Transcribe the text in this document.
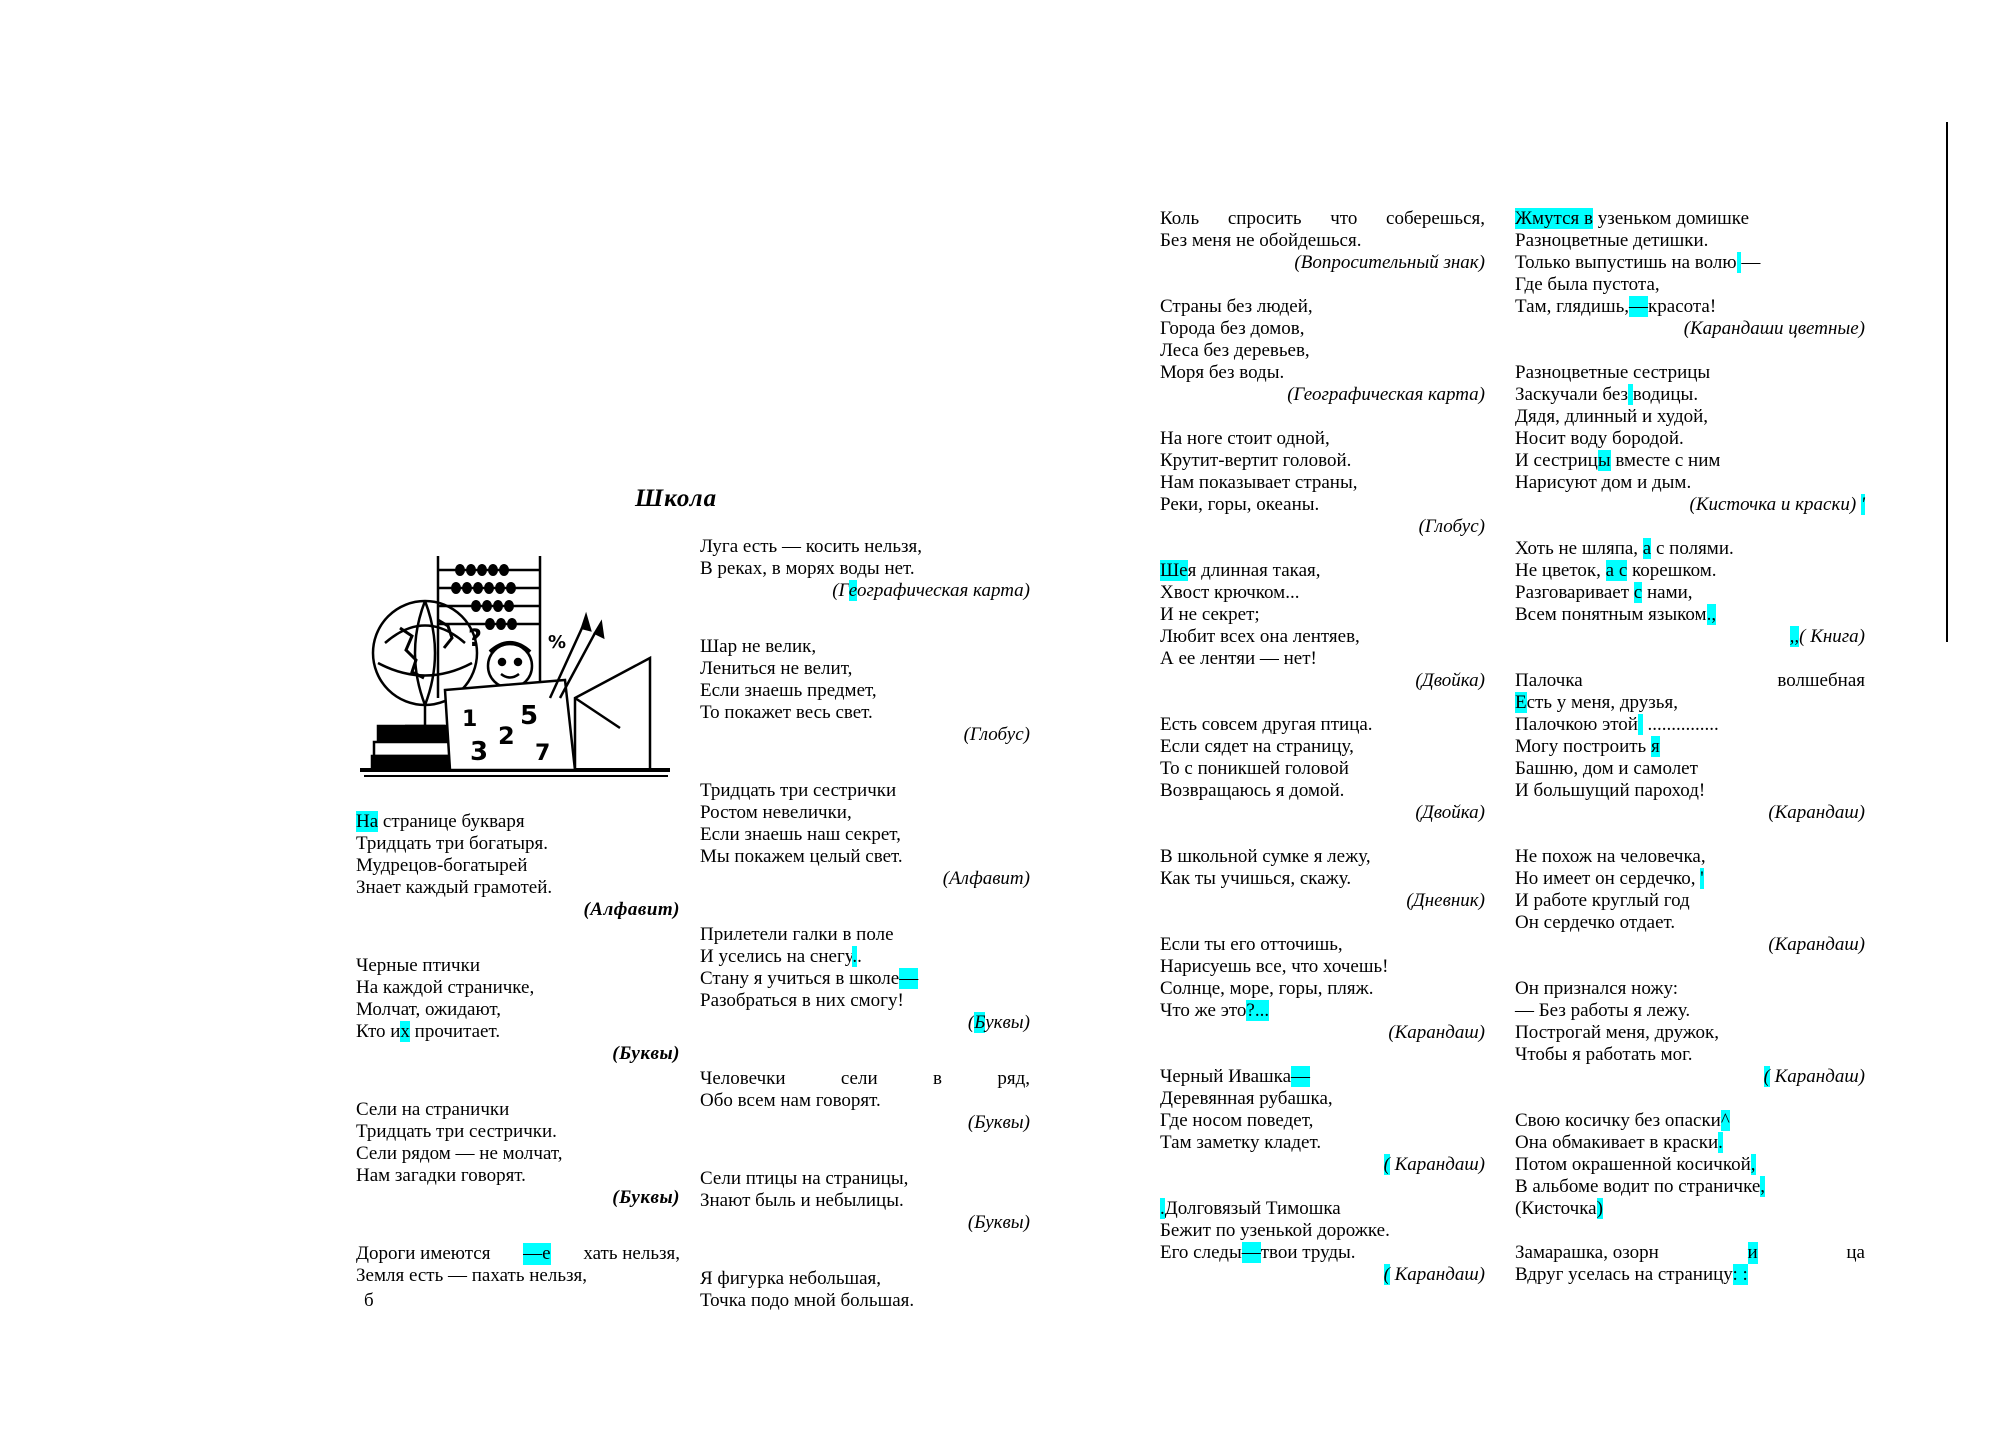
Школа
1
3
2
5
7
?	%
б
На странице букваря
Тридцать три богатыря.
Мудрецов-богатырей
Знает каждый грамотей.
(Алфавит)
Черные птички
На каждой страничке,
Молчат, ожидают,
Кто их прочитает.
(Буквы)
Сели на странички
Тридцать три сестрички.
Сели рядом — не молчат,
Нам загадки говорят.
(Буквы)
Дороги имеются —е хать нельзя,
Земля есть — пахать нельзя,
Луга есть — косить нельзя,
В реках, в морях воды нет.
(Географическая карта)
Шар не велик,
Лениться не велит,
Если знаешь предмет,
То покажет весь свет.
(Глобус)
Тридцать три сестрички
Ростом невелички,
Если знаешь наш секрет,
Мы покажем целый свет.
(Алфавит)
Прилетели галки в поле
И уселись на снегу..
Стану я учиться в школе—
Разобраться в них смогу!
(Буквы)
Человечки сели в ряд,
Обо всем нам говорят.
(Буквы)
Сели птицы на страницы,
Знают быль и небылицы.
(Буквы)
Я фигурка небольшая,
Точка подо мной большая.
Коль спросить что соберешься,
Без меня не обойдешься.
(Вопросительный знак)
Страны без людей,
Города без домов,
Леса без деревьев,
Моря без воды.
(Географическая карта)
На ноге стоит одной,
Крутит-вертит головой.
Нам показывает страны,
Реки, горы, океаны.
(Глобус)
Шея длинная такая,
Хвост крючком...
И не секрет;
Любит всех она лентяев,
А ее лентяи — нет!
(Двойка)
Есть совсем другая птица.
Если сядет на страницу,
То с поникшей головой
Возвращаюсь я домой.
(Двойка)
В школьной сумке я лежу,
Как ты учишься, скажу.
(Дневник)
Если ты его отточишь,
Нарисуешь все, что хочешь!
Солнце, море, горы, пляж.
Что же это?...
(Карандаш)
Черный Ивашка—
Деревянная рубашка,
Где носом поведет,
Там заметку кладет.
( Карандаш)
.Долговязый Тимошка
Бежит по узенькой дорожке.
Его следы—твои труды.
( Карандаш)
Жмутся в узеньком домишке
Разноцветные детишки.
Только выпустишь на волю —
Где была пустота,
Там, глядишь,—красота!
(Карандаши цветные)
Разноцветные сестрицы
Заскучали без водицы.
Дядя, длинный и худой,
Носит воду бородой.
И сестрицы вместе с ним
Нарисуют дом и дым.
(Кисточка и краски) '
Хоть не шляпа, а с полями.
Не цветок, а с корешком.
Разговаривает с нами,
Всем понятным языком.,
,,( Книга)
Палочка волшебная
Есть у меня, друзья,
Палочкою этой  ...............
Могу построить я
Башню, дом и самолет
И большущий пароход!
(Карандаш)
Не похож на человечка,
Но имеет он сердечко, '
И работе круглый год
Он сердечко отдает.
(Карандаш)
Он признался ножу:
— Без работы я лежу.
Построгай меня, дружок,
Чтобы я работать мог.
( Карандаш)
Свою косичку без опаски^
Она обмакивает в краски.
Потом окрашенной косичкой,
В альбоме водит по страничке,
(Кисточка)
Замарашка, озорн	и	ца
Вдруг уселась на страницу: :
